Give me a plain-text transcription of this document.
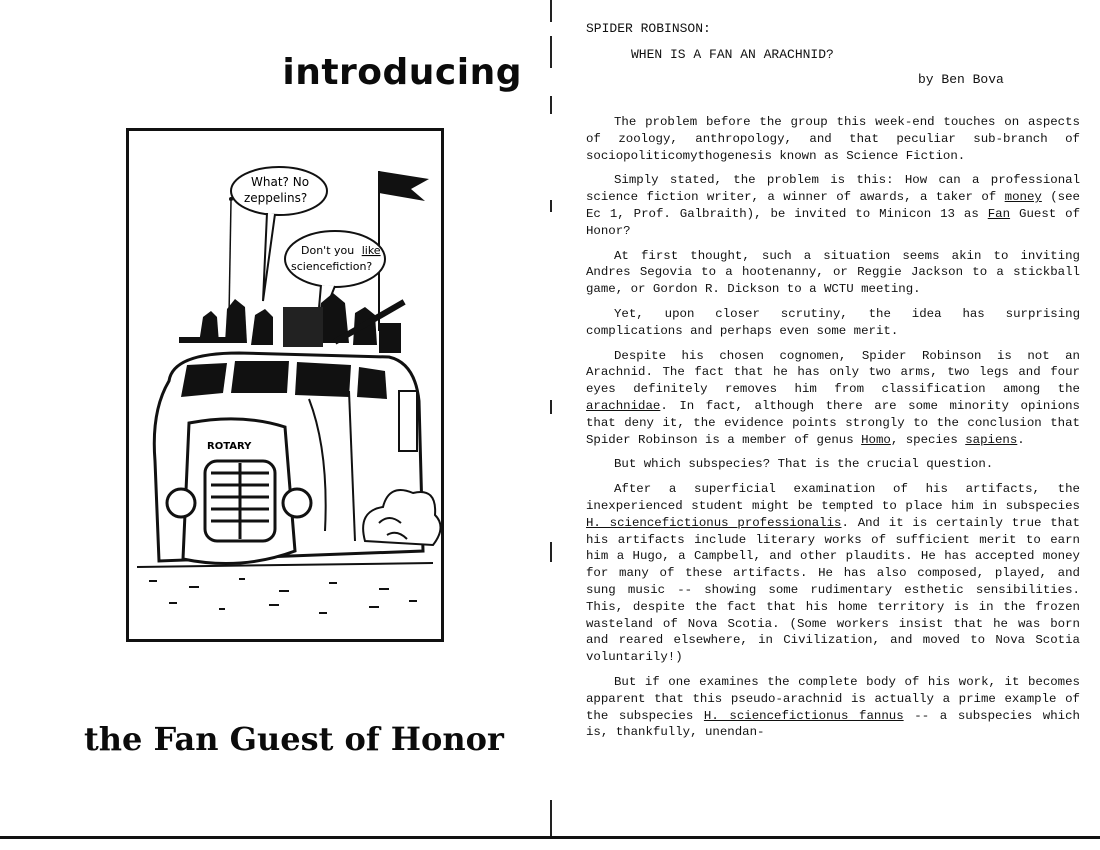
introducing
What? No
zeppelins?
Don't you like
sciencefiction?
ROTARY
the Fan Guest of Honor

SPIDER ROBINSON:

WHEN IS A FAN AN ARACHNID?

by Ben Bova

The problem before the group this week-end touches on aspects of zoology, anthropology, and that peculiar sub-branch of sociopoliticomythogenesis known as Science Fiction.

Simply stated, the problem is this: How can a professional science fiction writer, a winner of awards, a taker of money (see Ec 1, Prof. Galbraith), be invited to Minicon 13 as Fan Guest of Honor?

At first thought, such a situation seems akin to inviting Andres Segovia to a hootenanny, or Reggie Jackson to a stickball game, or Gordon R. Dickson to a WCTU meeting.

Yet, upon closer scrutiny, the idea has surprising complications and perhaps even some merit.

Despite his chosen cognomen, Spider Robinson is not an Arachnid. The fact that he has only two arms, two legs and four eyes definitely removes him from classification among the arachnidae. In fact, although there are some minority opinions that deny it, the evidence points strongly to the conclusion that Spider Robinson is a member of genus Homo, species sapiens.

But which subspecies? That is the crucial question.

After a superficial examination of his artifacts, the inexperienced student might be tempted to place him in subspecies H. sciencefictionus professionalis. And it is certainly true that his artifacts include literary works of sufficient merit to earn him a Hugo, a Campbell, and other plaudits. He has accepted money for many of these artifacts. He has also composed, played, and sung music -- showing some rudimentary esthetic sensibilities. This, despite the fact that his home territory is in the frozen wasteland of Nova Scotia. (Some workers insist that he was born and reared elsewhere, in Civilization, and moved to Nova Scotia voluntarily!)

But if one examines the complete body of his work, it becomes apparent that this pseudo-arachnid is actually a prime example of the subspecies H. sciencefictionus fannus -- a subspecies which is, thankfully, unendan-
